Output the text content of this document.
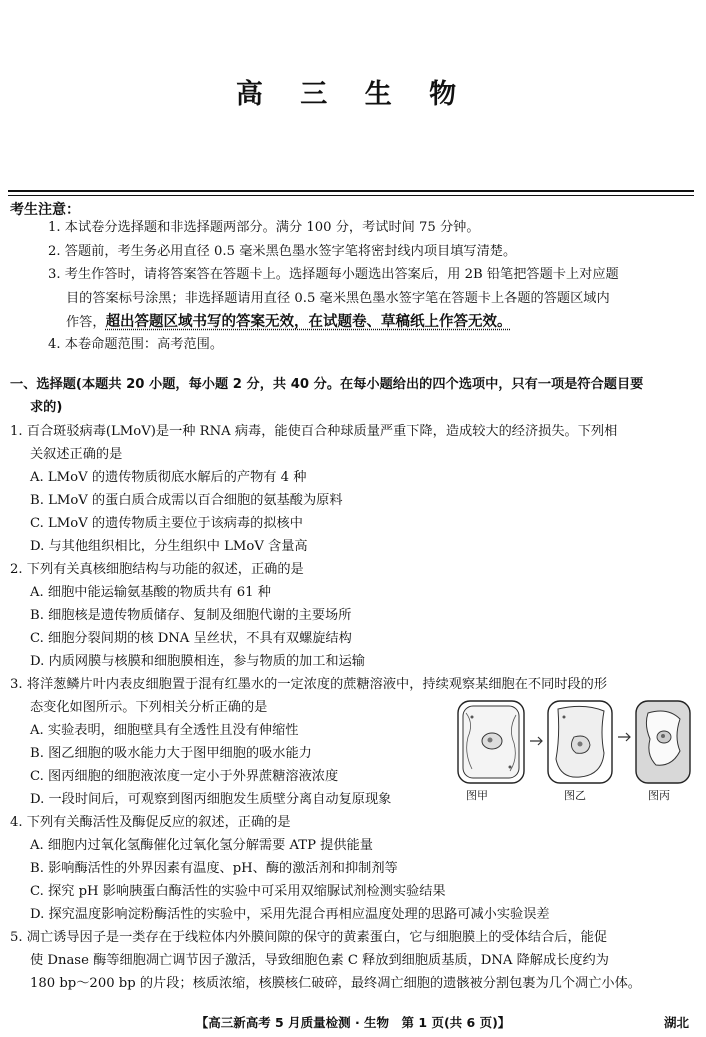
高 三 生 物
考生注意：
1. 本试卷分选择题和非选择题两部分。满分 100 分，考试时间 75 分钟。
2. 答题前，考生务必用直径 0.5 毫米黑色墨水签字笔将密封线内项目填写清楚。
3. 考生作答时，请将答案答在答题卡上。选择题每小题选出答案后，用 2B 铅笔把答题卡上对应题
目的答案标号涂黑；非选择题请用直径 0.5 毫米黑色墨水签字笔在答题卡上各题的答题区域内
作答，超出答题区域书写的答案无效，在试题卷、草稿纸上作答无效。
4. 本卷命题范围：高考范围。
一、选择题(本题共 20 小题，每小题 2 分，共 40 分。在每小题给出的四个选项中，只有一项是符合题目要
求的)
1. 百合斑驳病毒(LMoV)是一种 RNA 病毒，能使百合种球质量严重下降，造成较大的经济损失。下列相
关叙述正确的是
A. LMoV 的遗传物质彻底水解后的产物有 4 种
B. LMoV 的蛋白质合成需以百合细胞的氨基酸为原料
C. LMoV 的遗传物质主要位于该病毒的拟核中
D. 与其他组织相比，分生组织中 LMoV 含量高
2. 下列有关真核细胞结构与功能的叙述，正确的是
A. 细胞中能运输氨基酸的物质共有 61 种
B. 细胞核是遗传物质储存、复制及细胞代谢的主要场所
C. 细胞分裂间期的核 DNA 呈丝状，不具有双螺旋结构
D. 内质网膜与核膜和细胞膜相连，参与物质的加工和运输
3. 将洋葱鳞片叶内表皮细胞置于混有红墨水的一定浓度的蔗糖溶液中，持续观察某细胞在不同时段的形
态变化如图所示。下列相关分析正确的是
A. 实验表明，细胞壁具有全透性且没有伸缩性
B. 图乙细胞的吸水能力大于图甲细胞的吸水能力
C. 图丙细胞的细胞液浓度一定小于外界蔗糖溶液浓度
D. 一段时间后，可观察到图丙细胞发生质壁分离自动复原现象	图甲	图乙	图丙
4. 下列有关酶活性及酶促反应的叙述，正确的是
A. 细胞内过氧化氢酶催化过氧化氢分解需要 ATP 提供能量
B. 影响酶活性的外界因素有温度、pH、酶的激活剂和抑制剂等
C. 探究 pH 影响胰蛋白酶活性的实验中可采用双缩脲试剂检测实验结果
D. 探究温度影响淀粉酶活性的实验中，采用先混合再相应温度处理的思路可减小实验误差
5. 凋亡诱导因子是一类存在于线粒体内外膜间隙的保守的黄素蛋白，它与细胞膜上的受体结合后，能促
使 Dnase 酶等细胞凋亡调节因子激活，导致细胞色素 C 释放到细胞质基质，DNA 降解成长度约为
180 bp～200 bp 的片段；核质浓缩，核膜核仁破碎，最终凋亡细胞的遗骸被分割包裹为几个凋亡小体。
【高三新高考 5 月质量检测 · 生物　第 1 页(共 6 页)】	湖北
